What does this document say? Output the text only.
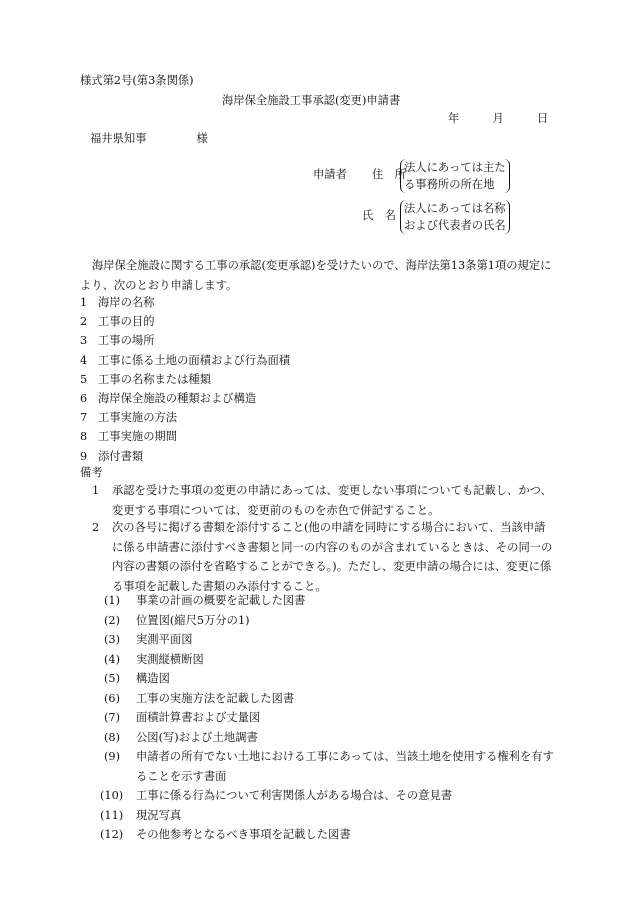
様式第2号(第3条関係)
海岸保全施設工事承認(変更)申請書
年	月	日
福井県知事	様
申請者 住　所
法人にあっては主た
る事務所の所在地
氏　名
法人にあっては名称
および代表者の氏名

海岸保全施設に関する工事の承認(変更承認)を受けたいので、海岸法第13条第1項の規定により、次のとおり申請します。

1 海岸の名称
2 工事の目的
3 工事の場所
4 工事に係る土地の面積および行為面積
5 工事の名称または種類
6 海岸保全施設の種類および構造
7 工事実施の方法
8 工事実施の期間
9 添付書類
備考
1	承認を受けた事項の変更の申請にあっては、変更しない事項についても記載し、かつ、変更する事項については、変更前のものを赤色で併記すること。
2	次の各号に掲げる書類を添付すること(他の申請を同時にする場合において、当該申請に係る申請書に添付すべき書類と同一の内容のものが含まれているときは、その同一の内容の書類の添付を省略することができる。)。ただし、変更申請の場合には、変更に係る事項を記載した書類のみ添付すること。
(1) 事業の計画の概要を記載した図書
(2) 位置図(縮尺5万分の1)
(3) 実測平面図
(4) 実測縦横断図
(5) 構造図
(6) 工事の実施方法を記載した図書
(7) 面積計算書および丈量図
(8) 公図(写)および土地調書
(9) 申請者の所有でない土地における工事にあっては、当該土地を使用する権利を有することを示す書面
(10) 工事に係る行為について利害関係人がある場合は、その意見書
(11) 現況写真
(12) その他参考となるべき事項を記載した図書
